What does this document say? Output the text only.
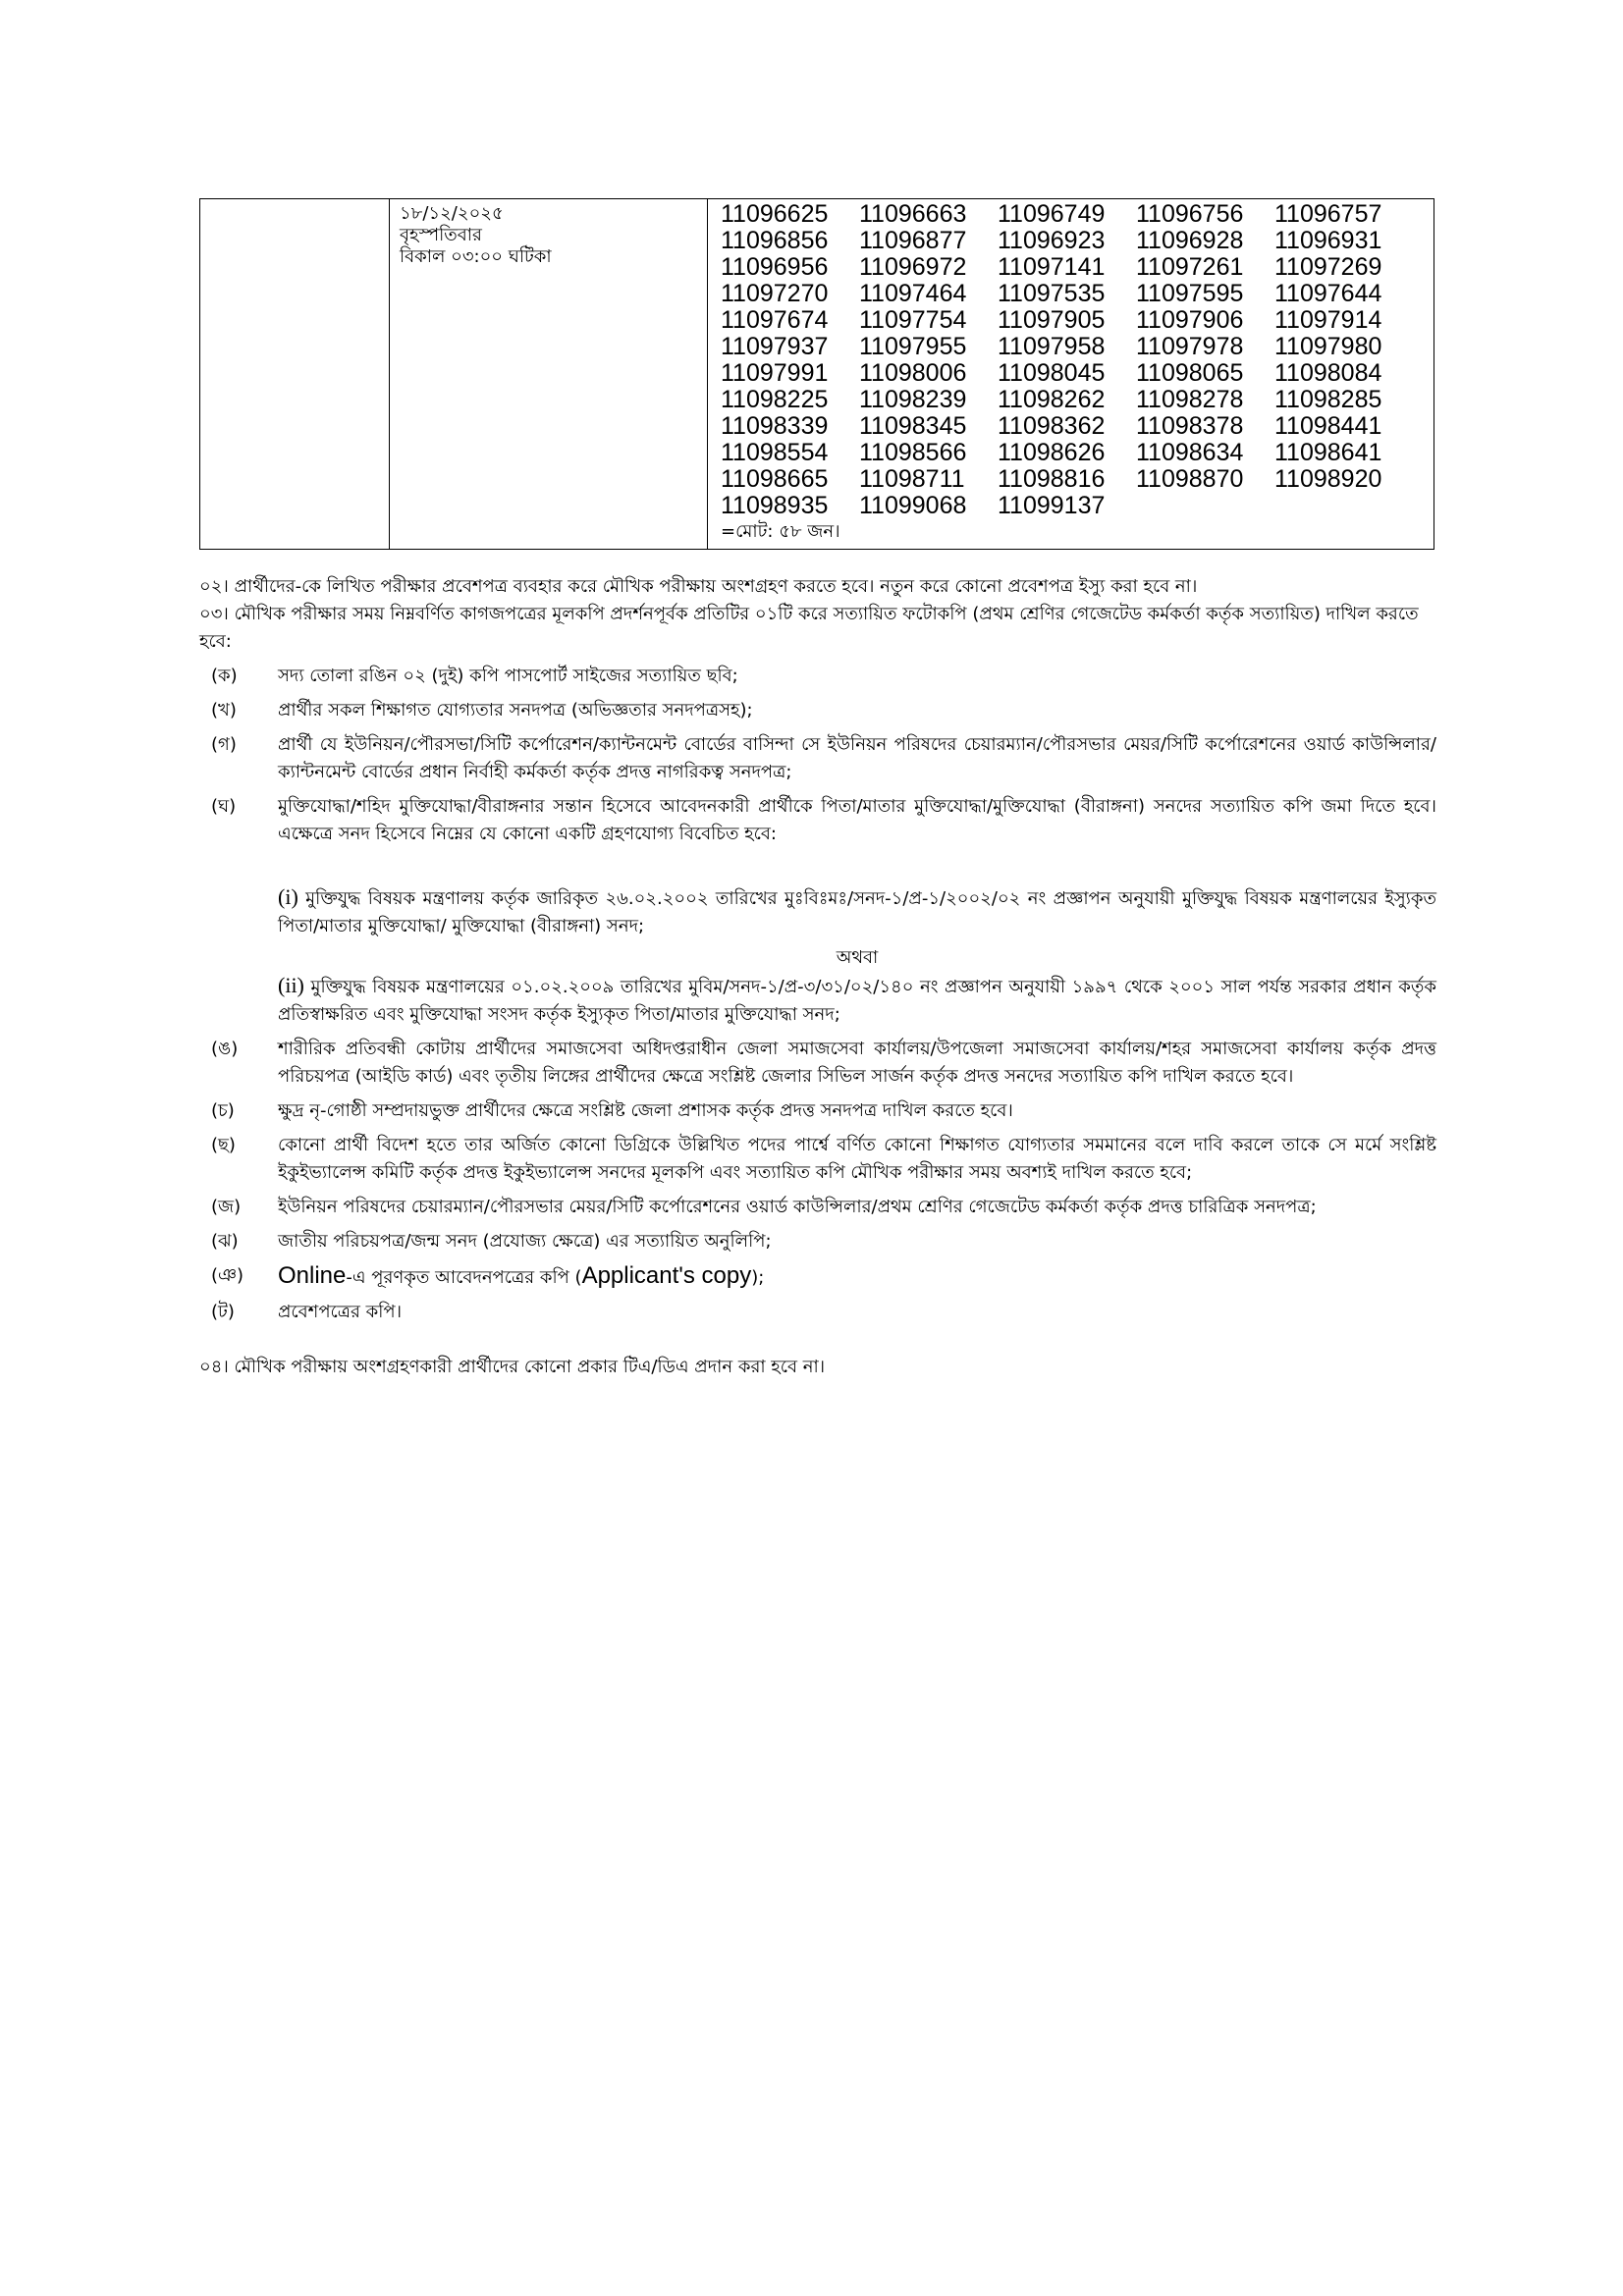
১৮/১২/২০২৫
বৃহস্পতিবার
বিকাল ০৩:০০ ঘটিকা

11096625	11096663	11096749	11096756	11096757
11096856	11096877	11096923	11096928	11096931
11096956	11096972	11097141	11097261	11097269
11097270	11097464	11097535	11097595	11097644
11097674	11097754	11097905	11097906	11097914
11097937	11097955	11097958	11097978	11097980
11097991	11098006	11098045	11098065	11098084
11098225	11098239	11098262	11098278	11098285
11098339	11098345	11098362	11098378	11098441
11098554	11098566	11098626	11098634	11098641
11098665	11098711	11098816	11098870	11098920
11098935	11099068	11099137
=মোট: ৫৮ জন।

০২। প্রার্থীদের-কে লিখিত পরীক্ষার প্রবেশপত্র ব্যবহার করে মৌখিক পরীক্ষায় অংশগ্রহণ করতে হবে। নতুন করে কোনো প্রবেশপত্র ইস্যু করা হবে না।

০৩। মৌখিক পরীক্ষার সময় নিম্নবর্ণিত কাগজপত্রের মূলকপি প্রদর্শনপূর্বক প্রতিটির ০১টি করে সত্যায়িত ফটোকপি (প্রথম শ্রেণির গেজেটেড কর্মকর্তা কর্তৃক সত্যায়িত) দাখিল করতে হবে:

(ক)	সদ্য তোলা রঙিন ০২ (দুই) কপি পাসপোর্ট সাইজের সত্যায়িত ছবি;
(খ)	প্রার্থীর সকল শিক্ষাগত যোগ্যতার সনদপত্র (অভিজ্ঞতার সনদপত্রসহ);
(গ)	প্রার্থী যে ইউনিয়ন/পৌরসভা/সিটি কর্পোরেশন/ক্যান্টনমেন্ট বোর্ডের বাসিন্দা সে ইউনিয়ন পরিষদের চেয়ারম্যান/পৌরসভার মেয়র/সিটি কর্পোরেশনের ওয়ার্ড কাউন্সিলার/ক্যান্টনমেন্ট বোর্ডের প্রধান নির্বাহী কর্মকর্তা কর্তৃক প্রদত্ত নাগরিকত্ব সনদপত্র;
(ঘ)	মুক্তিযোদ্ধা/শহিদ মুক্তিযোদ্ধা/বীরাঙ্গনার সন্তান হিসেবে আবেদনকারী প্রার্থীকে পিতা/মাতার মুক্তিযোদ্ধা/মুক্তিযোদ্ধা (বীরাঙ্গনা) সনদের সত্যায়িত কপি জমা দিতে হবে। এক্ষেত্রে সনদ হিসেবে নিম্নের যে কোনো একটি গ্রহণযোগ্য বিবেচিত হবে:
(i) মুক্তিযুদ্ধ বিষয়ক মন্ত্রণালয় কর্তৃক জারিকৃত ২৬.০২.২০০২ তারিখের মুঃবিঃমঃ/সনদ-১/প্র-১/২০০২/০২ নং প্রজ্ঞাপন অনুযায়ী মুক্তিযুদ্ধ বিষয়ক মন্ত্রণালয়ের ইস্যুকৃত পিতা/মাতার মুক্তিযোদ্ধা/ মুক্তিযোদ্ধা (বীরাঙ্গনা) সনদ;
অথবা
(ii) মুক্তিযুদ্ধ বিষয়ক মন্ত্রণালয়ের ০১.০২.২০০৯ তারিখের মুবিম/সনদ-১/প্র-৩/৩১/০২/১৪০ নং প্রজ্ঞাপন অনুযায়ী ১৯৯৭ থেকে ২০০১ সাল পর্যন্ত সরকার প্রধান কর্তৃক প্রতিস্বাক্ষরিত এবং মুক্তিযোদ্ধা সংসদ কর্তৃক ইস্যুকৃত পিতা/মাতার মুক্তিযোদ্ধা সনদ;
(ঙ)	শারীরিক প্রতিবন্ধী কোটায় প্রার্থীদের সমাজসেবা অধিদপ্তরাধীন জেলা সমাজসেবা কার্যালয়/উপজেলা সমাজসেবা কার্যালয়/শহর সমাজসেবা কার্যালয় কর্তৃক প্রদত্ত পরিচয়পত্র (আইডি কার্ড) এবং তৃতীয় লিঙ্গের প্রার্থীদের ক্ষেত্রে সংশ্লিষ্ট জেলার সিভিল সার্জন কর্তৃক প্রদত্ত সনদের সত্যায়িত কপি দাখিল করতে হবে।
(চ)	ক্ষুদ্র নৃ-গোষ্ঠী সম্প্রদায়ভুক্ত প্রার্থীদের ক্ষেত্রে সংশ্লিষ্ট জেলা প্রশাসক কর্তৃক প্রদত্ত সনদপত্র দাখিল করতে হবে।
(ছ)	কোনো প্রার্থী বিদেশ হতে তার অর্জিত কোনো ডিগ্রিকে উল্লিখিত পদের পার্শ্বে বর্ণিত কোনো শিক্ষাগত যোগ্যতার সমমানের বলে দাবি করলে তাকে সে মর্মে সংশ্লিষ্ট ইকুইভ্যালেন্স কমিটি কর্তৃক প্রদত্ত ইকুইভ্যালেন্স সনদের মূলকপি এবং সত্যায়িত কপি মৌখিক পরীক্ষার সময় অবশ্যই দাখিল করতে হবে;
(জ)	ইউনিয়ন পরিষদের চেয়ারম্যান/পৌরসভার মেয়র/সিটি কর্পোরেশনের ওয়ার্ড কাউন্সিলার/প্রথম শ্রেণির গেজেটেড কর্মকর্তা কর্তৃক প্রদত্ত চারিত্রিক সনদপত্র;
(ঝ)	জাতীয় পরিচয়পত্র/জন্ম সনদ (প্রযোজ্য ক্ষেত্রে) এর সত্যায়িত অনুলিপি;
(ঞ)	Online-এ পূরণকৃত আবেদনপত্রের কপি (Applicant's copy);
(ট)	প্রবেশপত্রের কপি।

০৪। মৌখিক পরীক্ষায় অংশগ্রহণকারী প্রার্থীদের কোনো প্রকার টিএ/ডিএ প্রদান করা হবে না।
